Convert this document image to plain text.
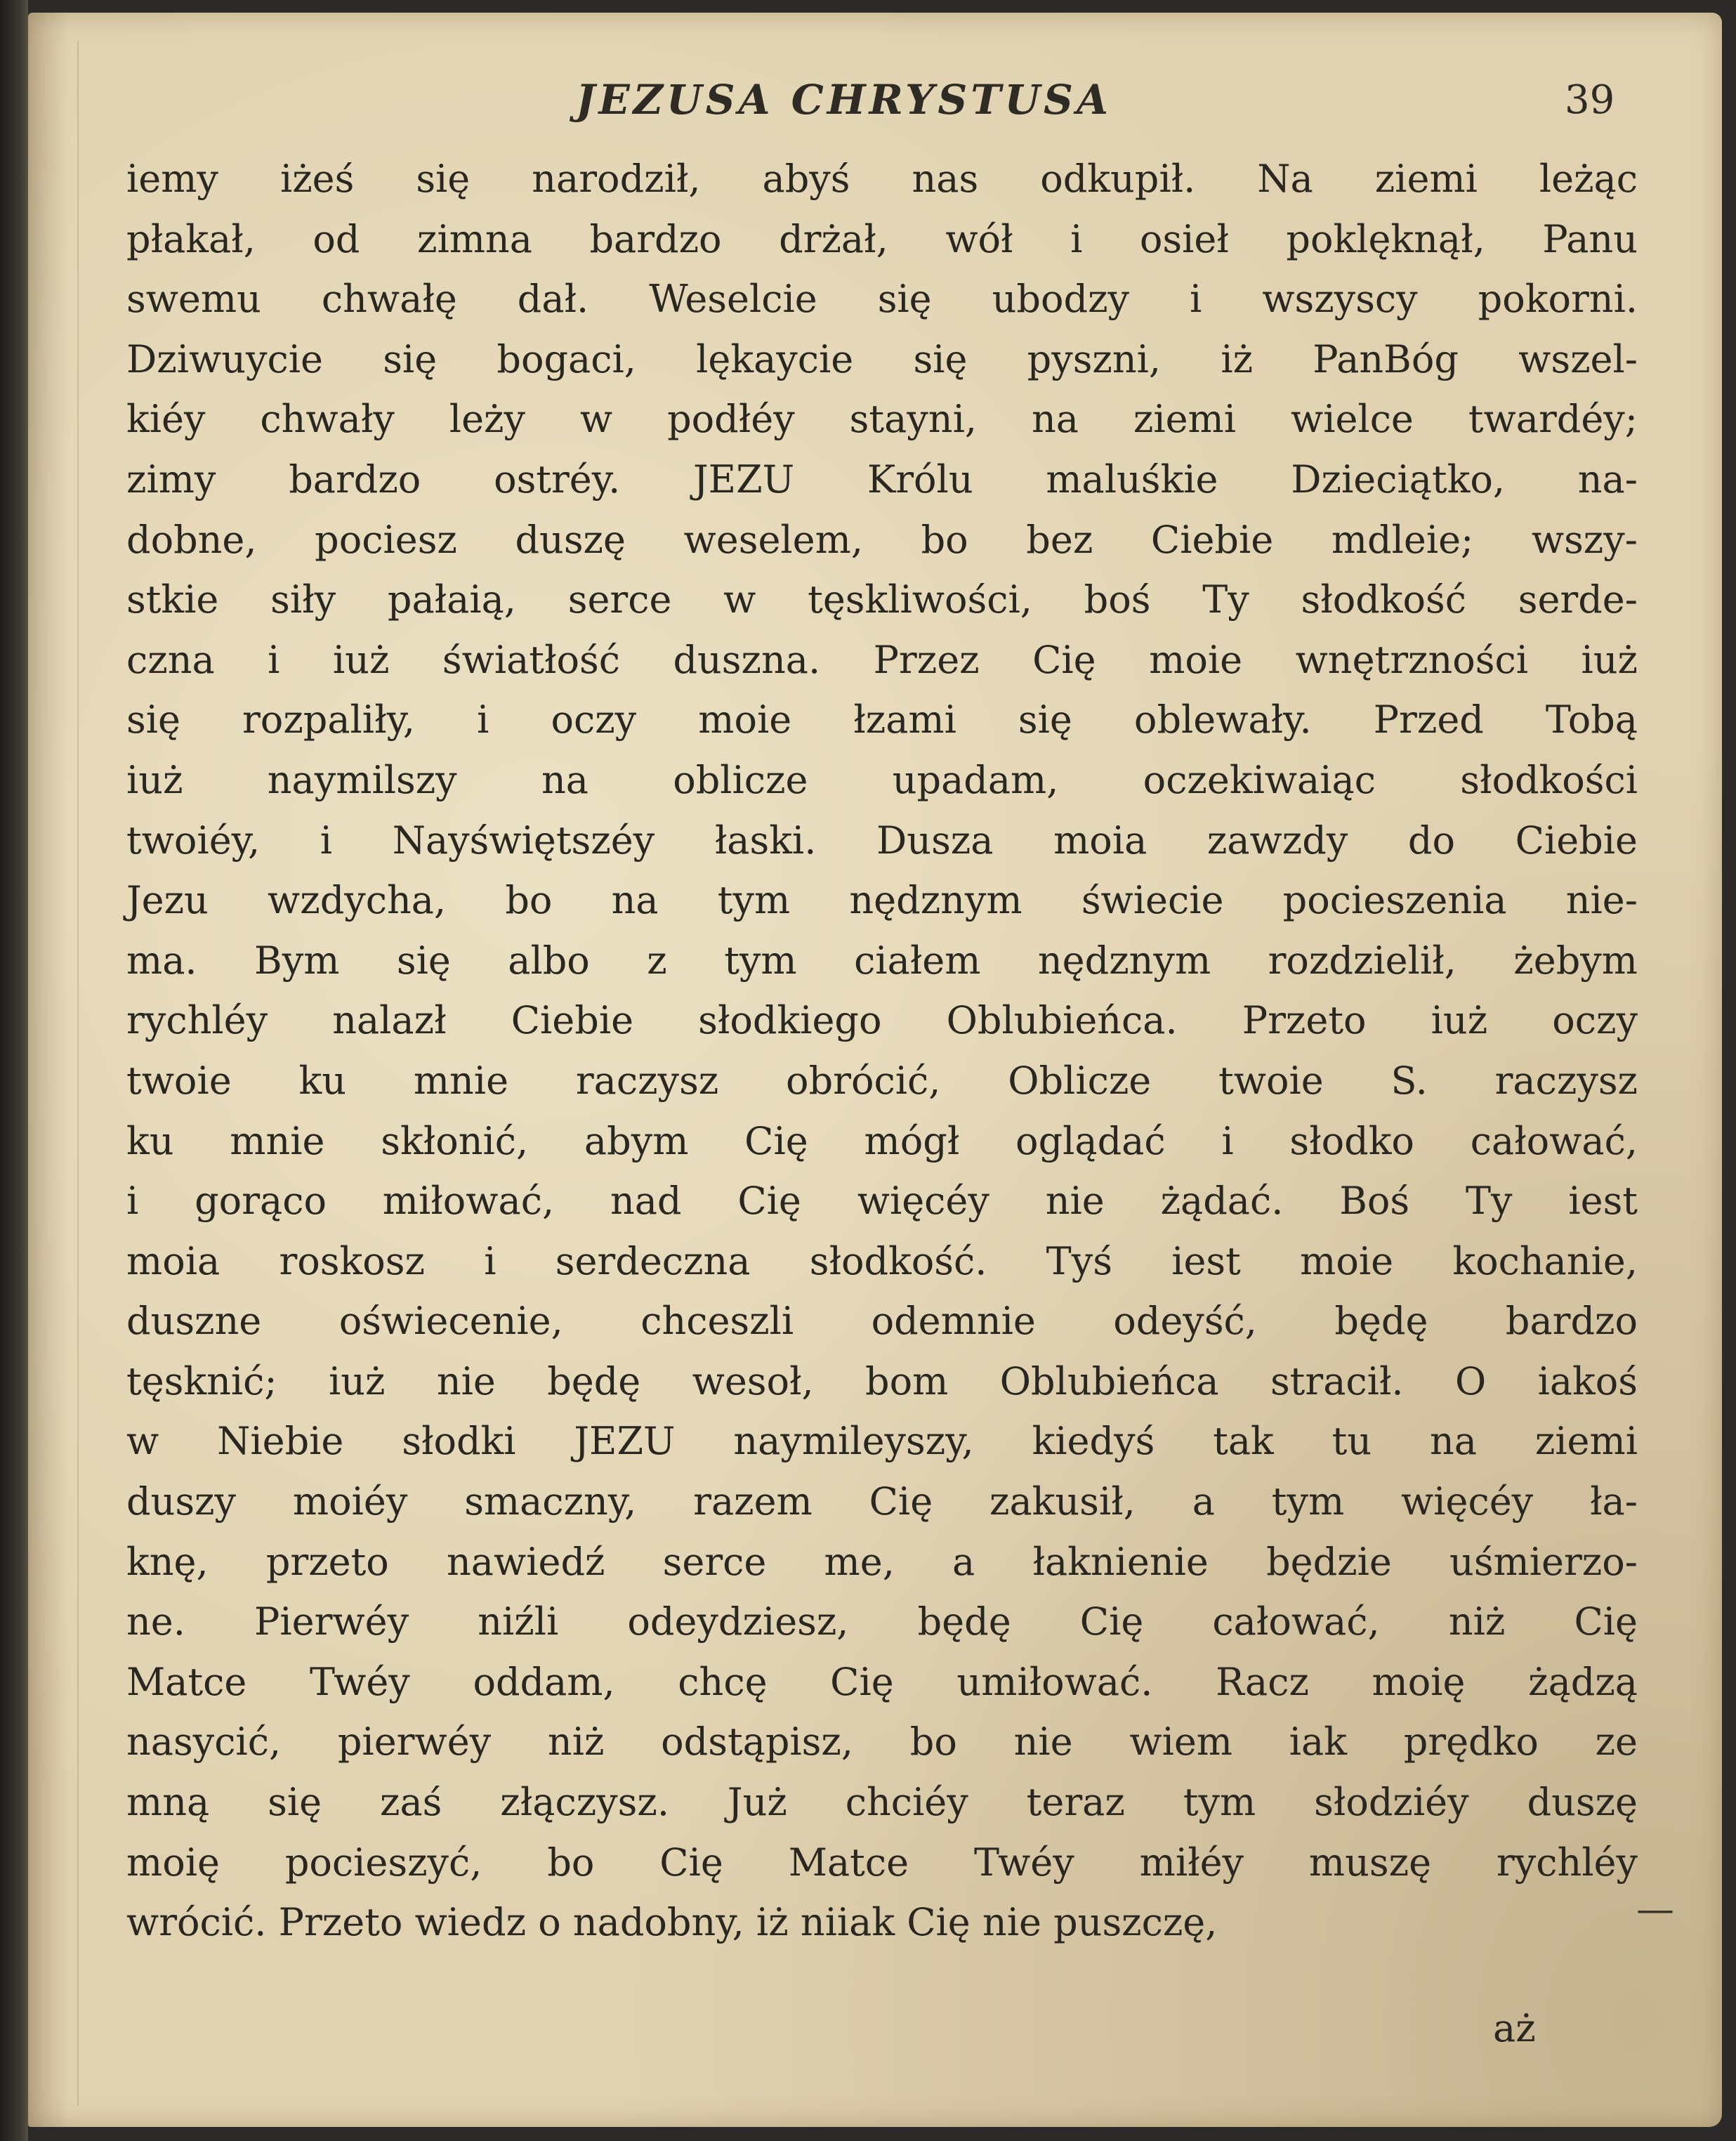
JEZUSA CHRYSTUSA	39
iemy iżeś się narodził, abyś nas odkupił. Na ziemi leżąc
płakał, od zimna bardzo drżał, wół i osieł poklęknął, Panu
swemu chwałę dał. Weselcie się ubodzy i wszyscy pokorni.
Dziwuycie się bogaci, lękaycie się pyszni, iż PanBóg wszel-
kiéy chwały leży w podłéy stayni, na ziemi wielce twardéy;
zimy bardzo ostréy. JEZU Królu maluśkie Dzieciątko, na-
dobne, pociesz duszę weselem, bo bez Ciebie mdleie; wszy-
stkie siły pałaią, serce w tęskliwości, boś Ty słodkość serde-
czna i iuż światłość duszna. Przez Cię moie wnętrzności iuż
się rozpaliły, i oczy moie łzami się oblewały. Przed Tobą
iuż naymilszy na oblicze upadam, oczekiwaiąc słodkości
twoiéy, i Nayświętszéy łaski. Dusza moia zawzdy do Ciebie
Jezu wzdycha, bo na tym nędznym świecie pocieszenia nie-
ma. Bym się albo z tym ciałem nędznym rozdzielił, żebym
rychléy nalazł Ciebie słodkiego Oblubieńca. Przeto iuż oczy
twoie ku mnie raczysz obrócić, Oblicze twoie S. raczysz
ku mnie skłonić, abym Cię mógł oglądać i słodko całować,
i gorąco miłować, nad Cię więcéy nie żądać. Boś Ty iest
moia roskosz i serdeczna słodkość. Tyś iest moie kochanie,
duszne oświecenie, chceszli odemnie odeyść, będę bardzo
tęsknić; iuż nie będę wesoł, bom Oblubieńca stracił. O iakoś
w Niebie słodki JEZU naymileyszy, kiedyś tak tu na ziemi
duszy moiéy smaczny, razem Cię zakusił, a tym więcéy ła-
knę, przeto nawiedź serce me, a łaknienie będzie uśmierzo-
ne. Pierwéy niźli odeydziesz, będę Cię całować, niż Cię
Matce Twéy oddam, chcę Cię umiłować. Racz moię żądzą
nasycić, pierwéy niż odstąpisz, bo nie wiem iak prędko ze
mną się zaś złączysz. Już chciéy teraz tym słodziéy duszę
moię pocieszyć, bo Cię Matce Twéy miłéy muszę rychléy
wrócić. Przeto wiedz o nadobny, iż niiak Cię nie puszczę,	—
aż
